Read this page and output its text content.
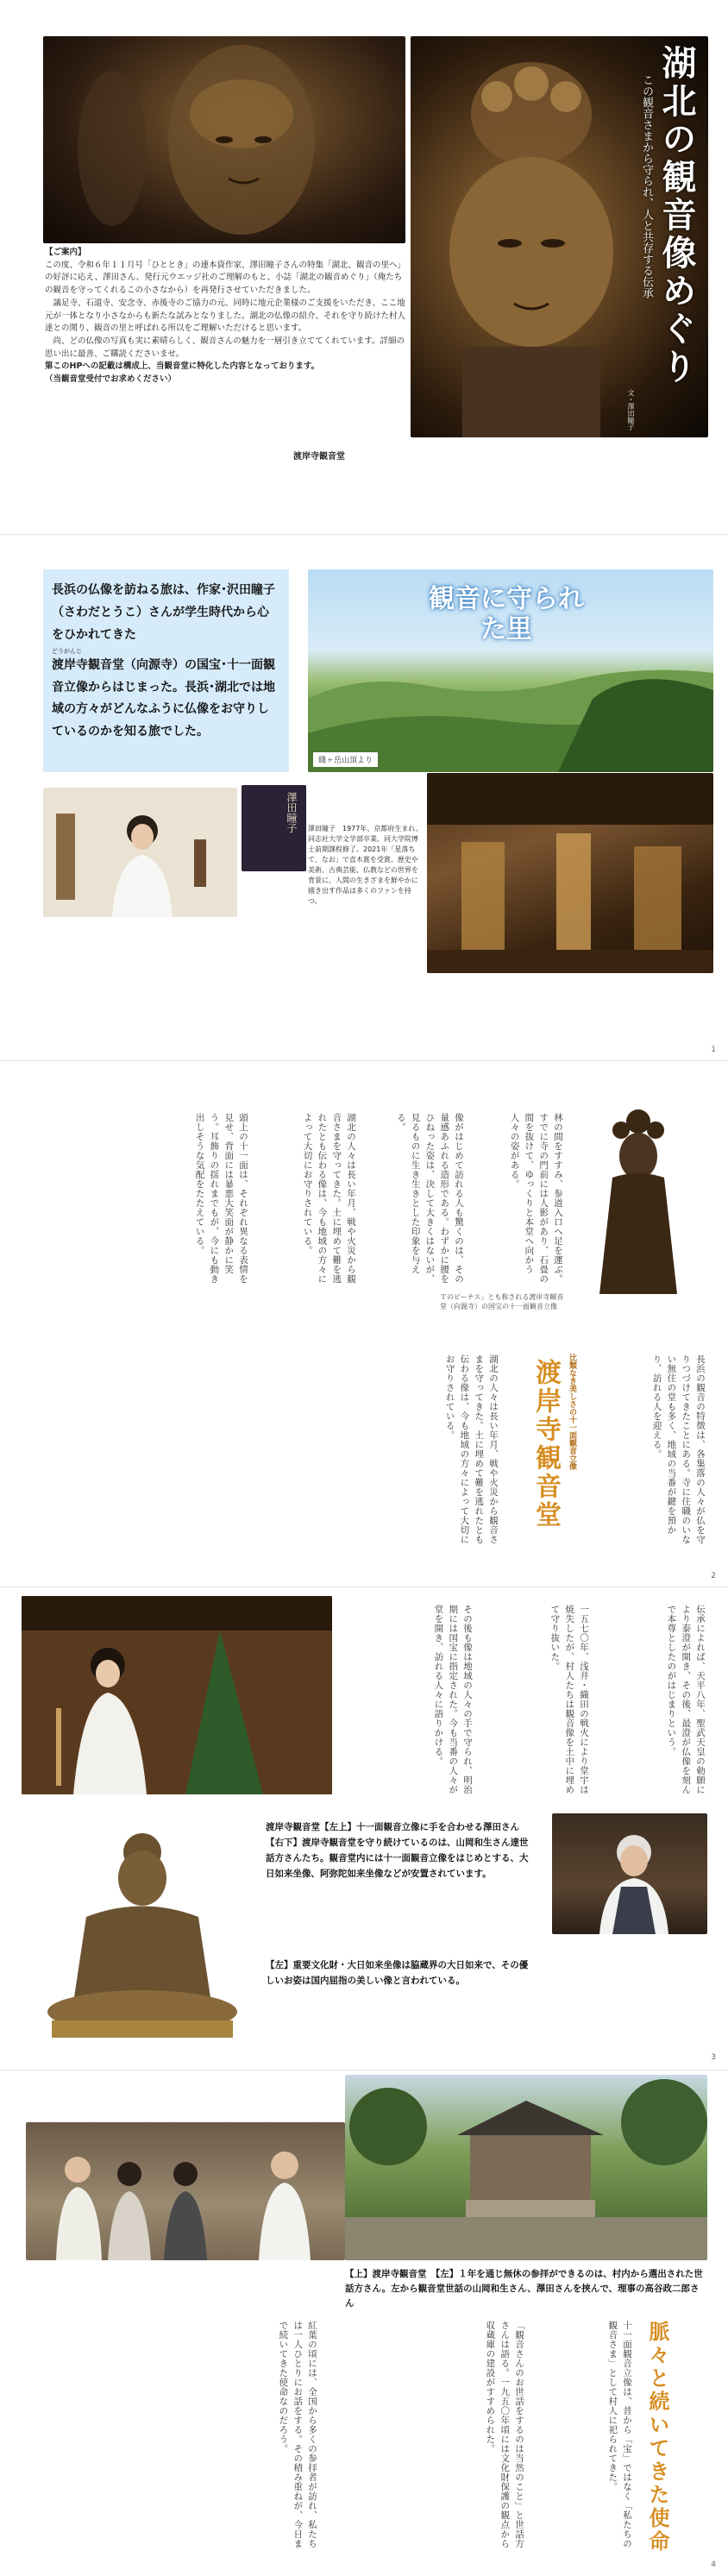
湖北の観音像めぐり
この観音さまから守られ、人と共存する伝承
文・澤田瞳子
【ご案内】
この度、令和６年１１月号「ひととき」の連本資作家、澤田瞳子さんの特集「湖北、観音の里へ」の好評に応え、澤田さん、発行元ウエッジ社のご理解のもと、小誌「湖北の観音めぐり」（俺たちの観音を守ってくれるこの小さなから）を再発行させていただきました。
議足寺、石道寺、安念寺、赤後寺のご協力の元、同時に地元企業様のご支援をいただき、ここ地元が一体となり小さなからも新たな試みとなりました。湖北の仏像の紹介、それを守り続けた村人達との関り、観音の里と呼ばれる所以をご理解いただけると思います。
尚、どの仏像の写真も実に素晴らしく、観音さんの魅力を一層引き立ててくれています。詳細の思い出に最善、ご購読くださいませ。
第このHPへの記載は構成上、当観音堂に特化した内容となっております。
（当観音堂受付でお求めください）
渡岸寺観音堂
長浜の仏像を訪ねる旅は、作家･沢田瞳子（さわだとうこ）さんが学生時代から心をひかれてきた

どうがんじ
渡岸寺観音堂（向源寺）の国宝･十一面観音立像からはじまった。長浜･湖北では地域の方々がどんなふうに仏像をお守りしているのかを知る旅でした。
観音に守られた里
賤ヶ岳山頂より
澤田瞳子 澤田瞳子　1977年、京都府生まれ。同志社大学文学部卒業、同大学院博士前期課程修了。2021年「星落ちて、なお」で直木賞を受賞。歴史や美術、古典芸能、仏教などの世界を背景に、人間の生きざまを鮮やかに描き出す作品は多くのファンを持つ。
1
林の間をすすみ、参道入口へ足を運ぶ。すでに寺の門前には人影があり、石畳の間を抜けて、ゆっくりと本堂へ向かう人々の姿がある。
像がはじめて訪れる人も驚くのは、その量感あふれる造形である。わずかに腰をひねった姿は、決して大きくはないが、見るものに生き生きとした印象を与える。
湖北の人々は長い年月、戦や火災から観音さまを守ってきた。土に埋めて難を逃れたとも伝わる像は、今も地域の方々によって大切にお守りされている。
頭上の十一面は、それぞれ異なる表情を見せ、背面には暴悪大笑面が静かに笑う。耳飾りの揺れまでもが、今にも動き出しそうな気配をたたえている。
Ｔのビーナス」とも称される渡岸寺観音堂（向源寺）の国宝の十一面観音立像
長浜の観音の特徴は、各集落の人々が仏を守りつづけてきたことにある。寺に住職のいない無住の堂も多く、地域の当番が鍵を預かり、訪れる人を迎える。
比類なき美しさの十一面観音立像
渡岸寺観音堂
湖北の人々は長い年月、戦や火災から観音さまを守ってきた。土に埋めて難を逃れたとも伝わる像は、今も地域の方々によって大切にお守りされている。
2
伝承によれば、天平八年、聖武天皇の勅願により泰澄が開き、その後、最澄が仏像を刻んで本尊としたのがはじまりという。
一五七〇年、浅井・織田の戦火により堂宇は焼失したが、村人たちは観音像を土中に埋めて守り抜いた。
その後も像は地域の人々の手で守られ、明治期には国宝に指定された。今も当番の人々が堂を開き、訪れる人々に語りかける。
渡岸寺観音堂【左上】十一面観音立像に手を合わせる澤田さん　【右下】渡岸寺観音堂を守り続けているのは、山岡和生さん達世話方さんたち。観音堂内には十一面観音立像をはじめとする、大日如来坐像、阿弥陀如来坐像などが安置されています。
【左】重要文化財・大日如来坐像は脇蔵界の大日如来で、その優しいお姿は国内屈指の美しい像と言われている。
3
【上】渡岸寺観音堂　【左】１年を通じ無休の参拝ができるのは、村内から選出された世話方さん。左から観音堂世話の山岡和生さん、澤田さんを挟んで、理事の高谷政二郎さん
脈々と続いてきた使命
十一面観音立像は、昔から「宝」ではなく「私たちの観音さま」として村人に祀られてきた。
「観音さんのお世話をするのは当然のこと」と世話方さんは語る。一九五〇年頃には文化財保護の観点から収蔵庫の建設がすすめられた。
紅葉の頃には、全国から多くの参拝者が訪れ、私たちは一人ひとりにお話をする。その積み重ねが、今日まで続いてきた使命なのだろう。
4
